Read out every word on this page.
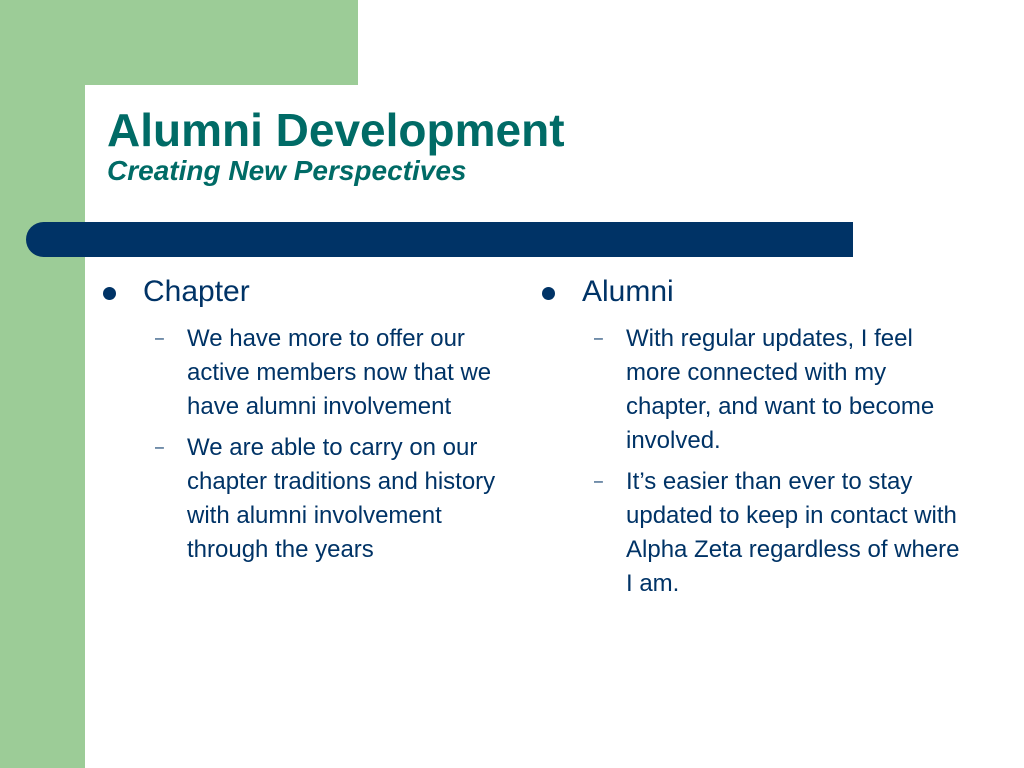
Alumni Development
Creating New Perspectives
Chapter
– We have more to offer our active members now that we have alumni involvement
– We are able to carry on our chapter traditions and history with alumni involvement through the years
Alumni
– With regular updates, I feel more connected with my chapter, and want to become involved.
– It’s easier than ever to stay updated to keep in contact with Alpha Zeta regardless of where I am.
